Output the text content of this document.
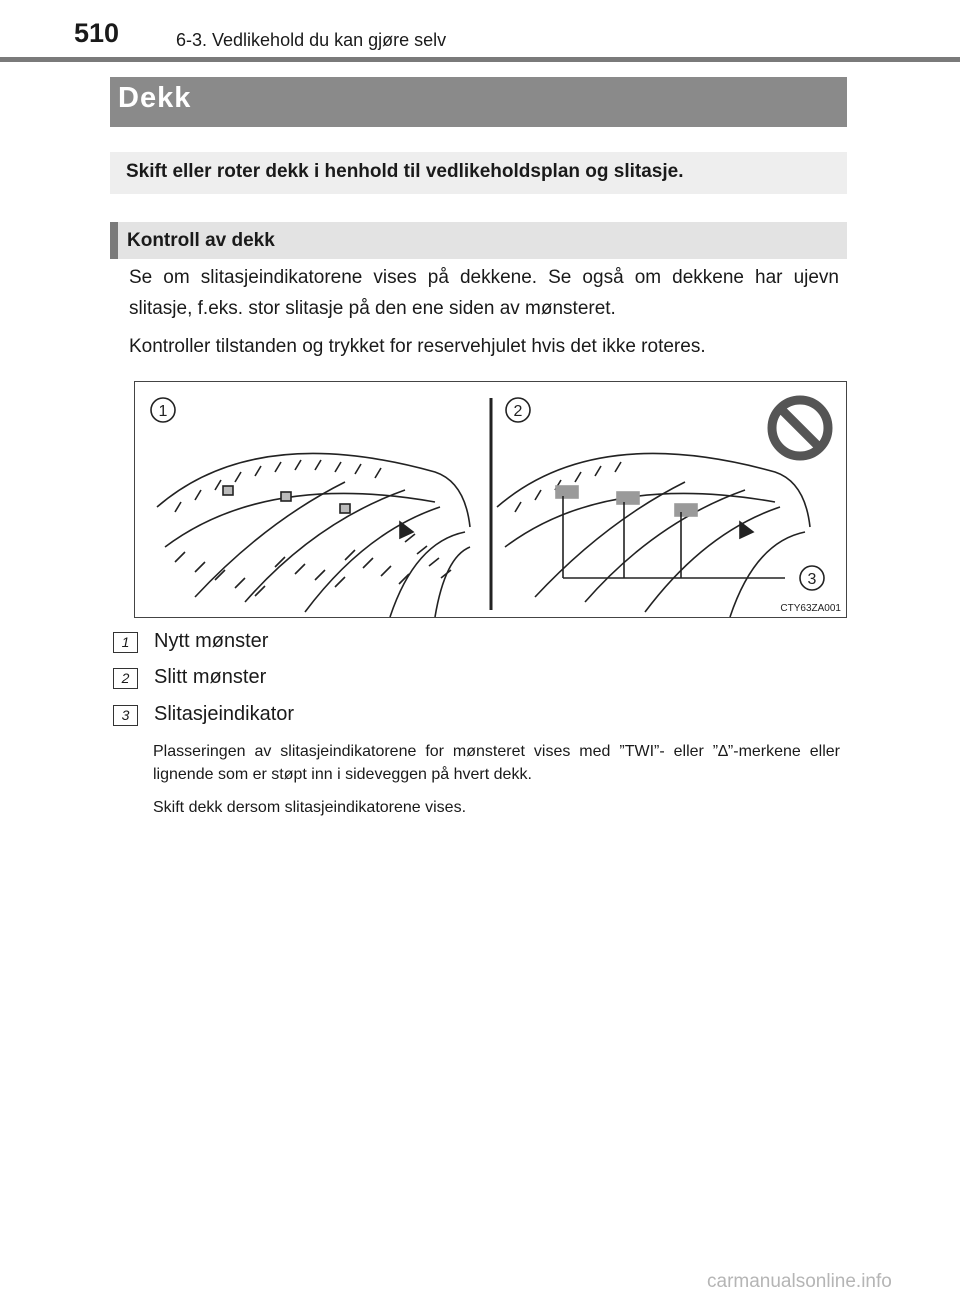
510	6-3. Vedlikehold du kan gjøre selv
Dekk
Skift eller roter dekk i henhold til vedlikeholdsplan og slitasje.
Kontroll av dekk

Se om slitasjeindikatorene vises på dekkene. Se også om dekkene har ujevn slitasje, f.eks. stor slitasje på den ene siden av mønsteret.

Kontroller tilstanden og trykket for reservehjulet hvis det ikke roteres.

1	2
3
CTY63ZA001
1	Nytt mønster
2	Slitt mønster
3	Slitasjeindikator

Plasseringen av slitasjeindikatorene for mønsteret vises med ”TWI”- eller ”∆”-merkene eller lignende som er støpt inn i sideveggen på hvert dekk.

Skift dekk dersom slitasjeindikatorene vises.

carmanualsonline.info
